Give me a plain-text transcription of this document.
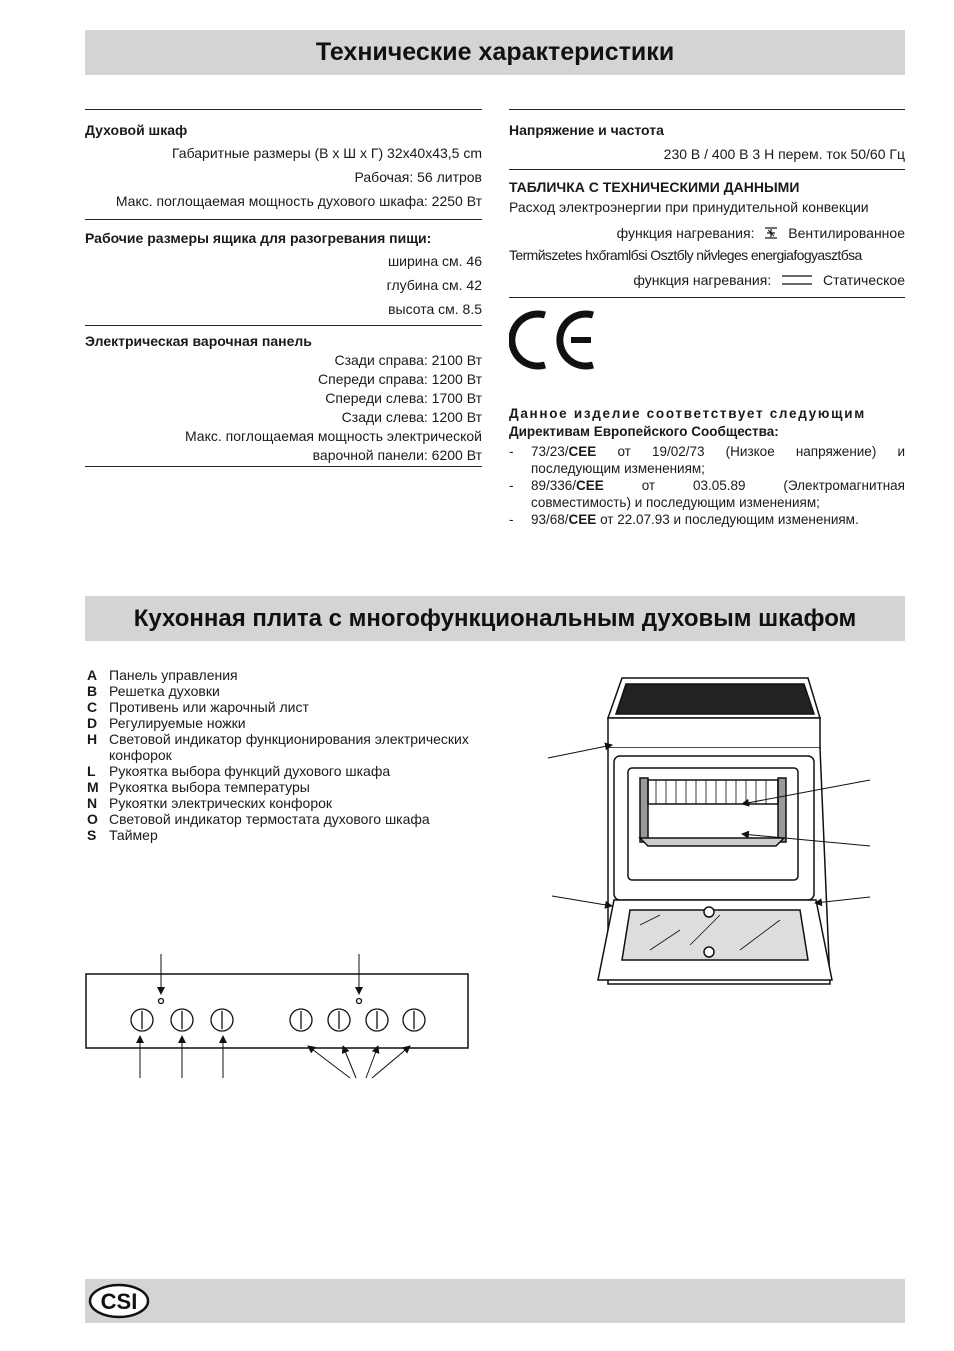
Технические характеристики
Духовой шкаф
Габаритные размеры (В х Ш х Г) 32x40x43,5 cm
Рабочая: 56 литров
Макс. поглощаемая мощность духового шкафа: 2250 Вт
Рабочие размеры ящика для разогревания пищи:
ширина см. 46
глубина см. 42
высота см. 8.5
Электрическая варочная панель
Сзади справа: 2100 Вт
Спереди справа: 1200 Вт
Спереди слева: 1700 Вт
Сзади слева: 1200 Вт
Макс. поглощаемая мощность электрической
варочной панели: 6200 Вт
Напряжение и частота
230 В / 400 В 3 Н перем. ток 50/60 Гц
ТАБЛИЧКА С ТЕХНИЧЕСКИМИ ДАННЫМИ
Расход электроэнергии при принудительной конвекции
функция нагревания: Вентилированное
Termйszetes hхőramlбsi Osztбly nйvleges energiafogyasztбsa
функция нагревания:	Статическое
Данное изделие соответствует следующим
Директивам Европейского Сообщества:
- 73/23/CEE от 19/02/73 (Низкое напряжение) и последующим изменениям;
- 89/336/CEE от 03.05.89 (Электромагнитная совместимость) и последующим изменениям;
- 93/68/CEE от 22.07.93 и последующим изменениям.
Кухонная плита с многофункциональным духовым шкафом
A Панель управления
B Решетка духовки
C Противень или жарочный лист
D Регулируемые ножки
H Световой индикатор функционирования электрических конфорок
L Рукоятка выбора функций духового шкафа
M Рукоятка выбора температуры
N Рукоятки электрических конфорок
O Световой индикатор термостата духового шкафа
S Таймер
CSI
